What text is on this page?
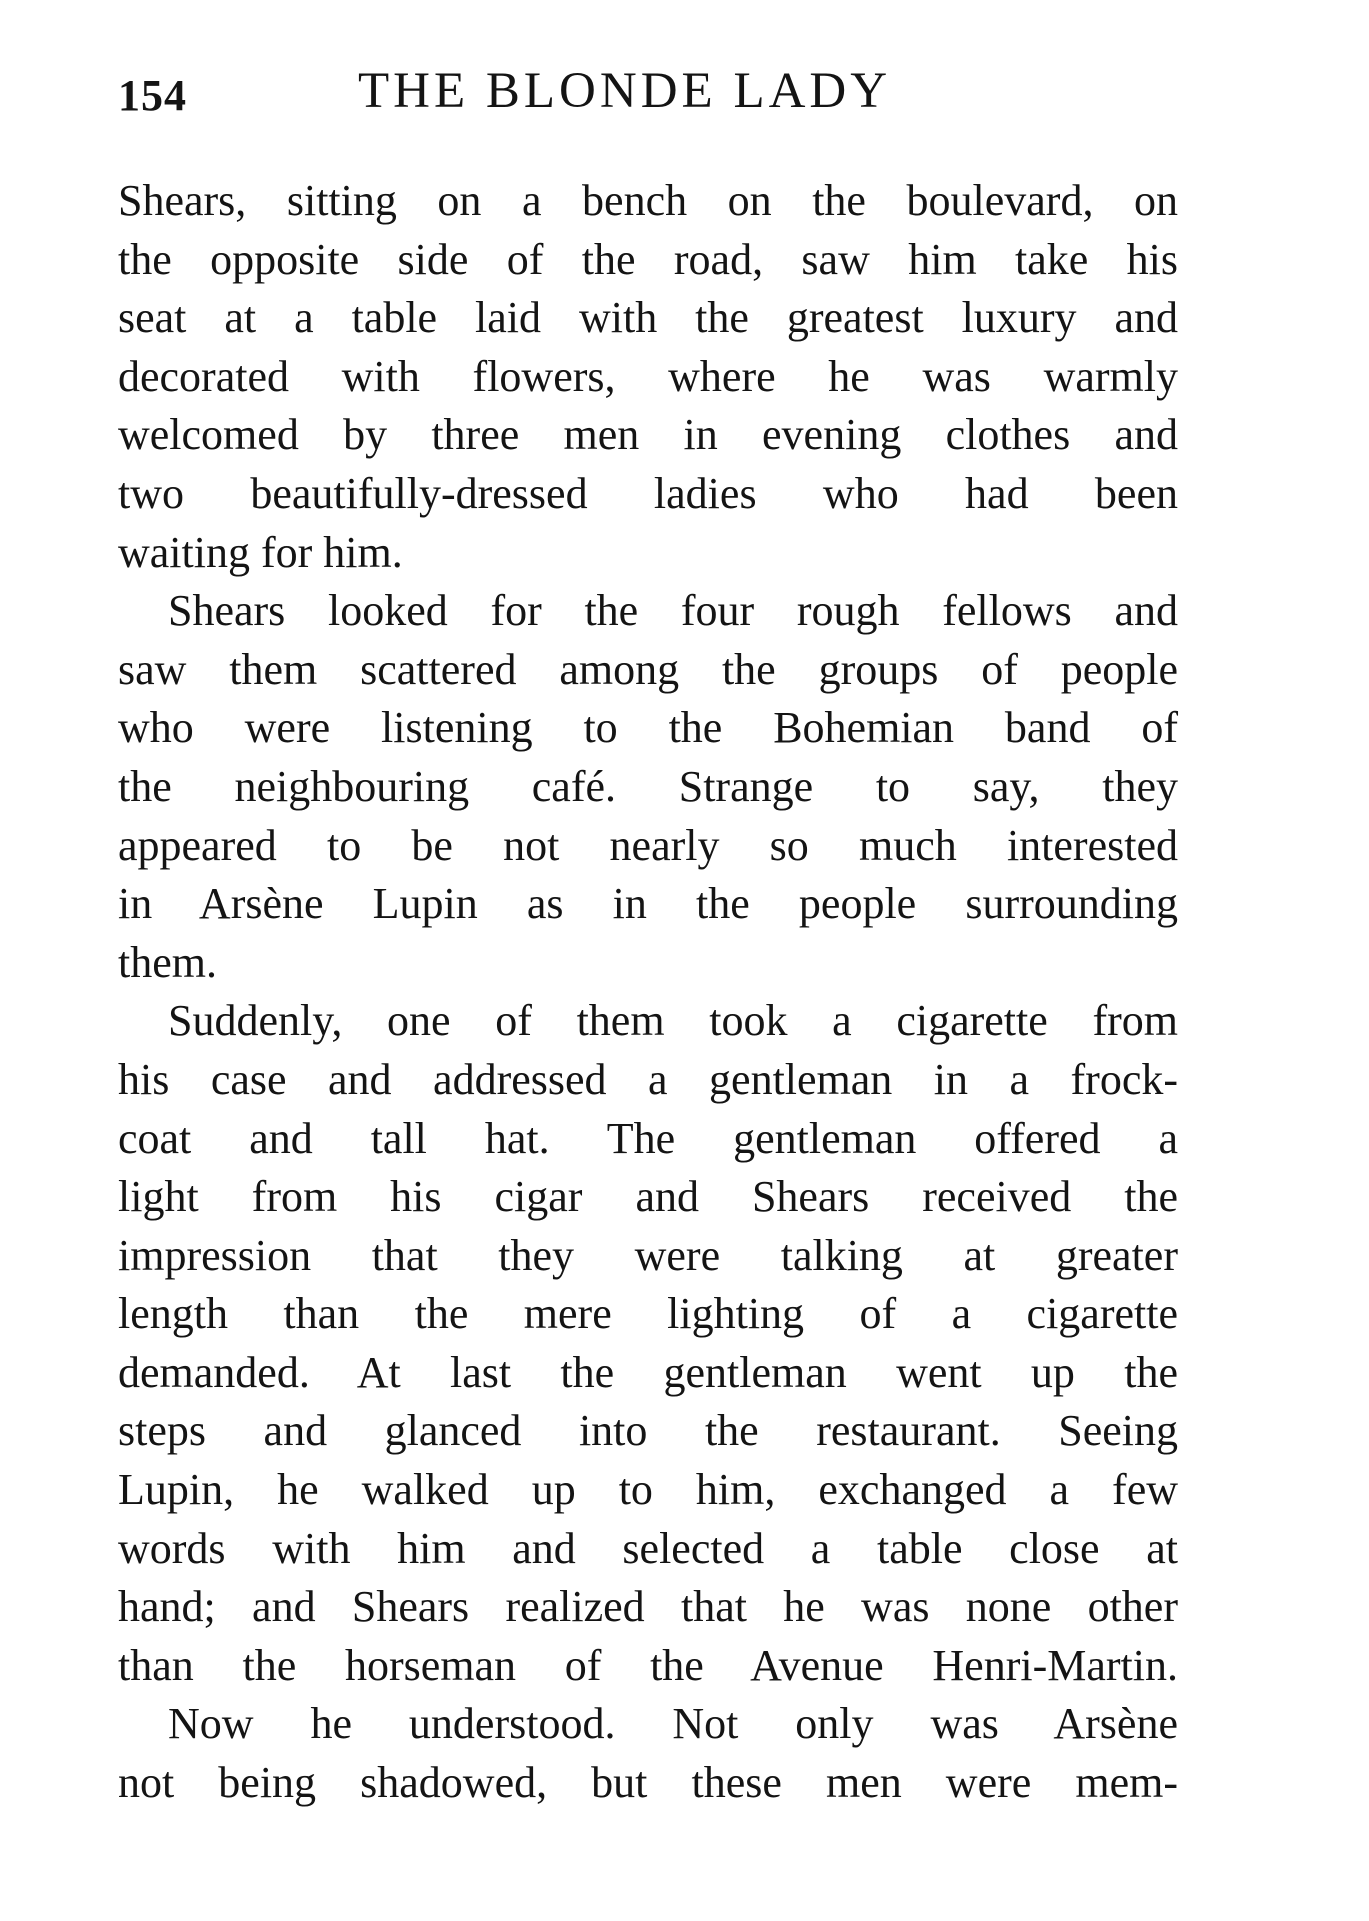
154	THE BLONDE LADY
Shears, sitting on a bench on the boulevard, on
the opposite side of the road, saw him take his
seat at a table laid with the greatest luxury and
decorated with flowers, where he was warmly
welcomed by three men in evening clothes and
two beautifully-dressed ladies who had been
waiting for him.
Shears looked for the four rough fellows and
saw them scattered among the groups of people
who were listening to the Bohemian band of
the neighbouring café. Strange to say, they
appeared to be not nearly so much interested
in Arsène Lupin as in the people surrounding
them.
Suddenly, one of them took a cigarette from
his case and addressed a gentleman in a frock-
coat and tall hat. The gentleman offered a
light from his cigar and Shears received the
impression that they were talking at greater
length than the mere lighting of a cigarette
demanded. At last the gentleman went up the
steps and glanced into the restaurant. Seeing
Lupin, he walked up to him, exchanged a few
words with him and selected a table close at
hand; and Shears realized that he was none other
than the horseman of the Avenue Henri-Martin.
Now he understood. Not only was Arsène
not being shadowed, but these men were mem-
